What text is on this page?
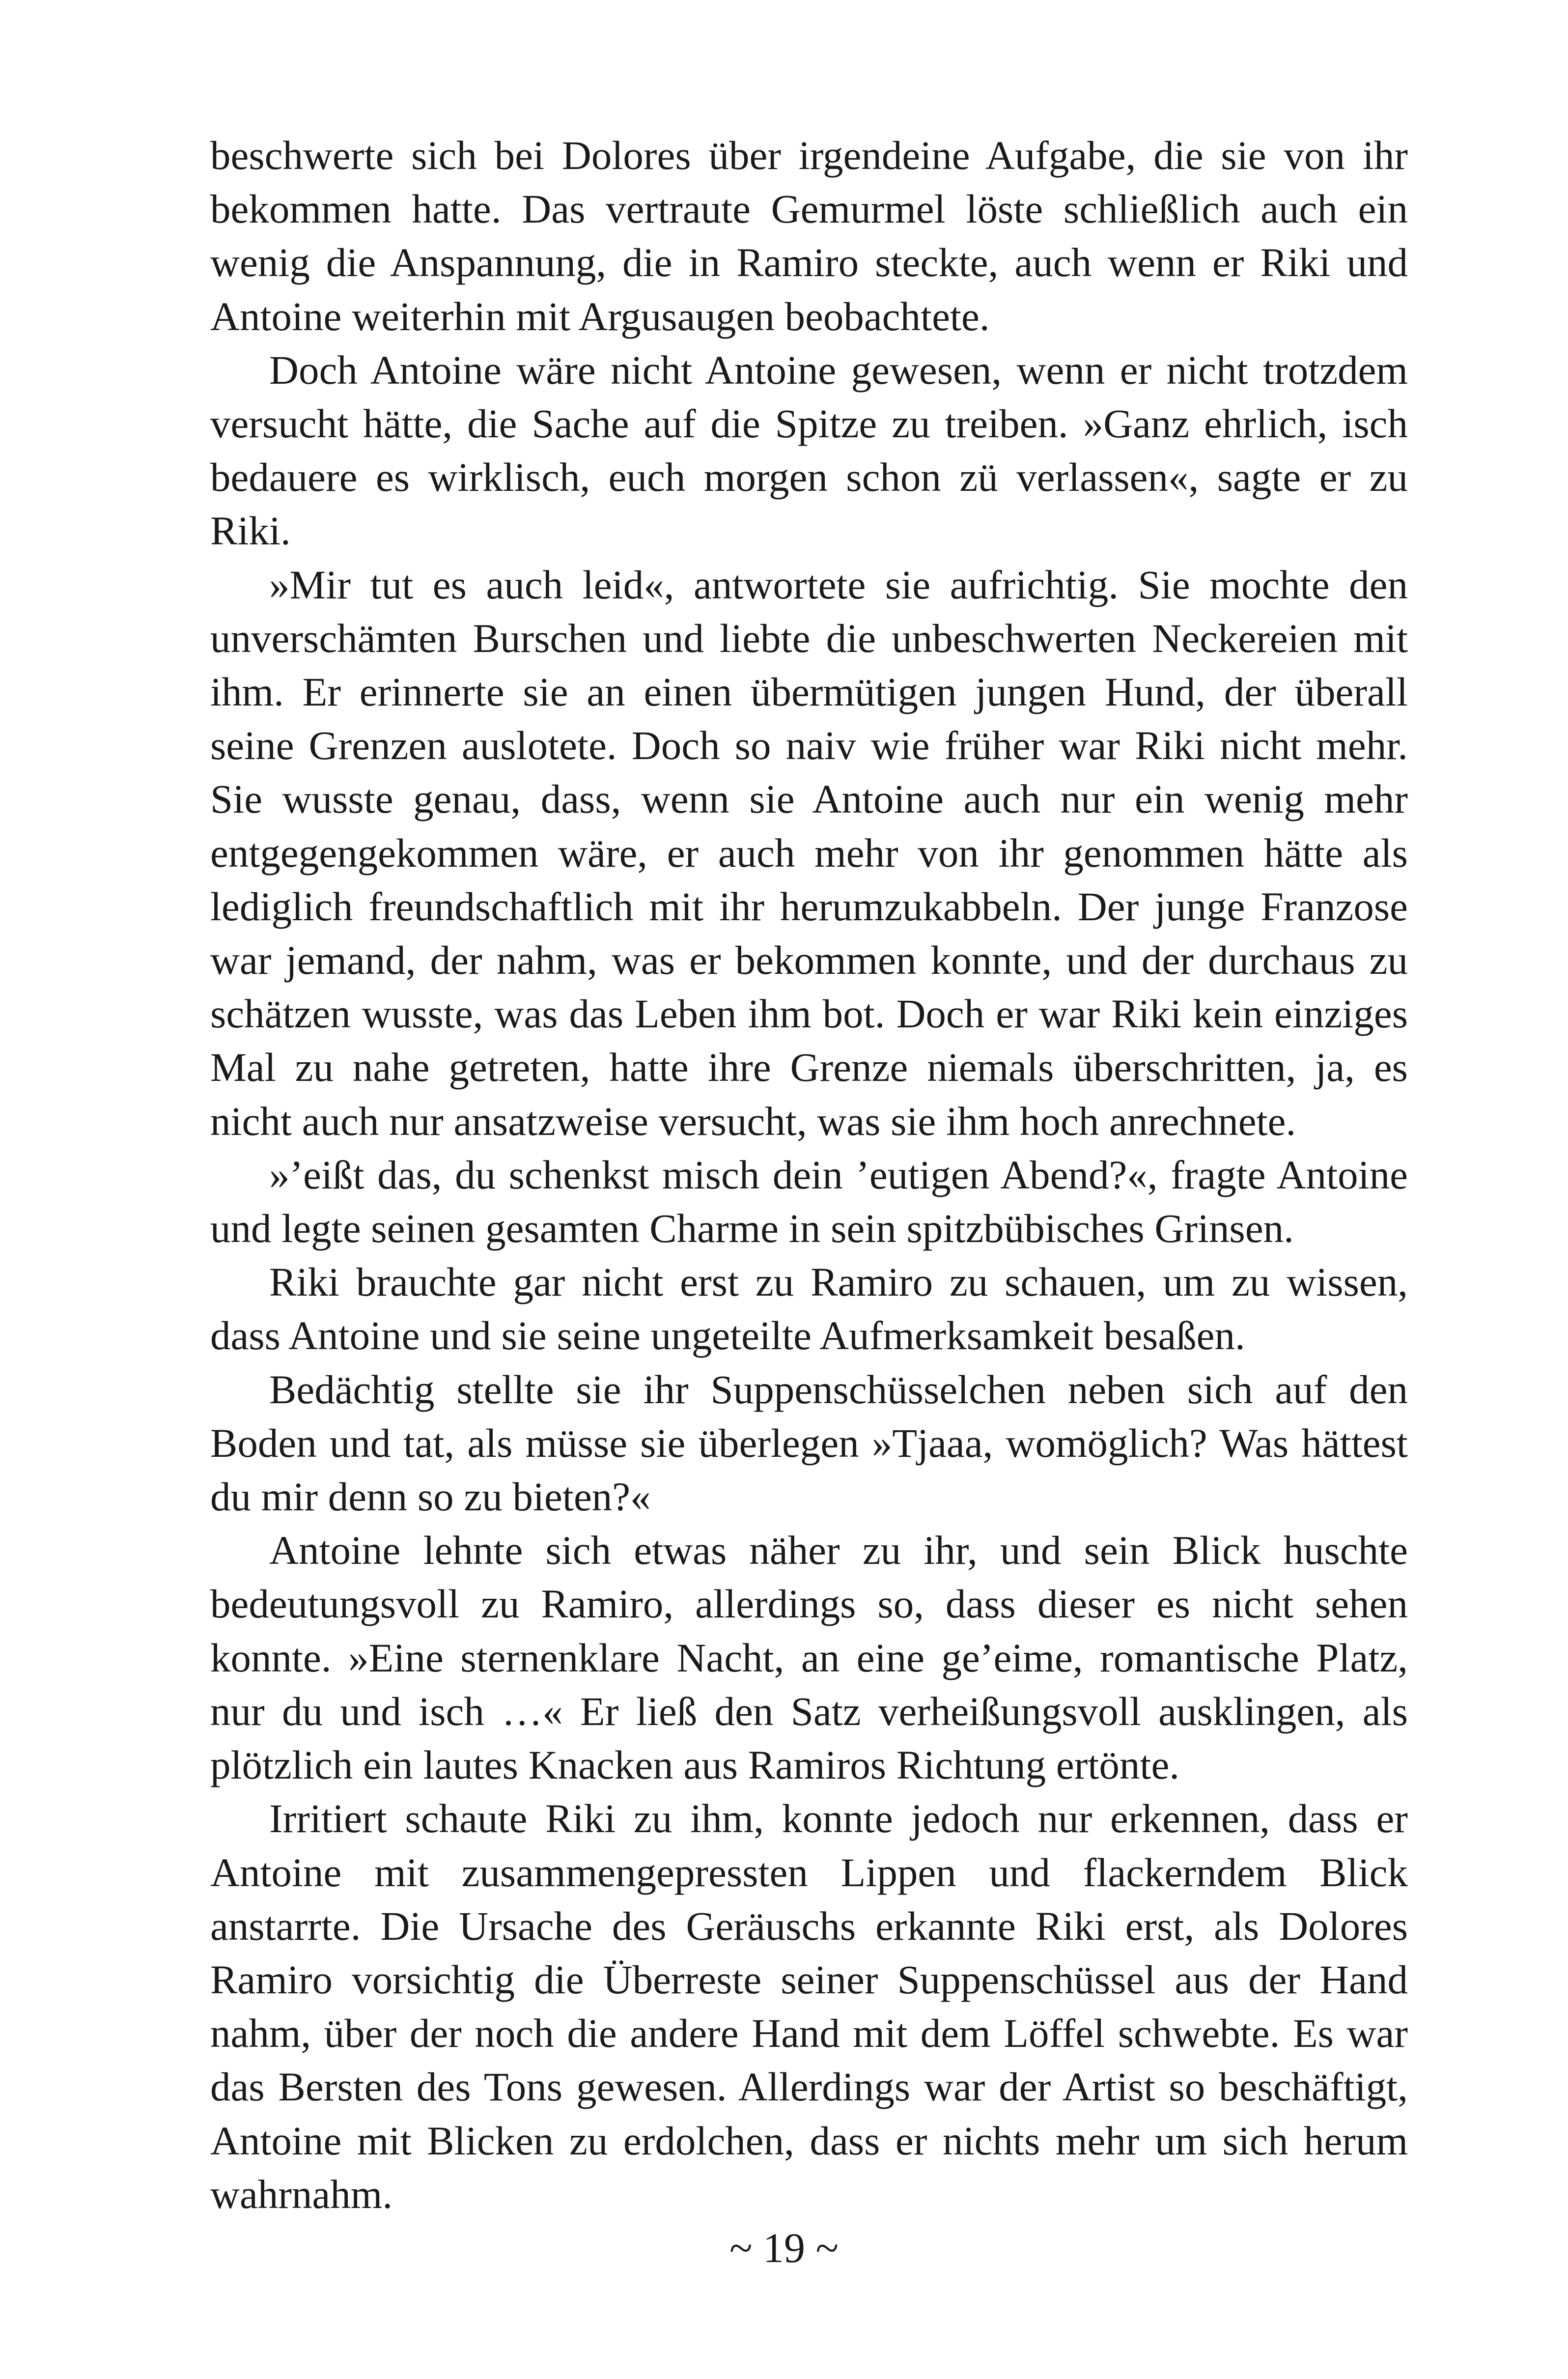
beschwerte sich bei Dolores über irgendeine Aufgabe, die sie von ihr bekommen hatte. Das vertraute Gemurmel löste schließlich auch ein wenig die Anspannung, die in Ramiro steckte, auch wenn er Riki und Antoine weiterhin mit Argusaugen beobachtete.

Doch Antoine wäre nicht Antoine gewesen, wenn er nicht trotzdem versucht hätte, die Sache auf die Spitze zu treiben. »Ganz ehrlich, isch bedauere es wirklisch, euch morgen schon zü verlassen«, sagte er zu Riki.

»Mir tut es auch leid«, antwortete sie aufrichtig. Sie mochte den unverschämten Burschen und liebte die unbeschwerten Neckereien mit ihm. Er erinnerte sie an einen übermütigen jungen Hund, der überall seine Grenzen auslotete. Doch so naiv wie früher war Riki nicht mehr. Sie wusste genau, dass, wenn sie Antoine auch nur ein wenig mehr entgegengekommen wäre, er auch mehr von ihr genommen hätte als lediglich freundschaftlich mit ihr herumzukabbeln. Der junge Franzose war jemand, der nahm, was er bekommen konnte, und der durchaus zu schätzen wusste, was das Leben ihm bot. Doch er war Riki kein einziges Mal zu nahe getreten, hatte ihre Grenze niemals überschritten, ja, es nicht auch nur ansatzweise versucht, was sie ihm hoch anrechnete.

»’eißt das, du schenkst misch dein ’eutigen Abend?«, fragte Antoine und legte seinen gesamten Charme in sein spitzbübisches Grinsen.

Riki brauchte gar nicht erst zu Ramiro zu schauen, um zu wissen, dass Antoine und sie seine ungeteilte Aufmerksamkeit besaßen.

Bedächtig stellte sie ihr Suppenschüsselchen neben sich auf den Boden und tat, als müsse sie überlegen »Tjaaa, womöglich? Was hättest du mir denn so zu bieten?«

Antoine lehnte sich etwas näher zu ihr, und sein Blick huschte bedeutungsvoll zu Ramiro, allerdings so, dass dieser es nicht sehen konnte. »Eine sternenklare Nacht, an eine ge’eime, romantische Platz, nur du und isch …« Er ließ den Satz verheißungsvoll ausklingen, als plötzlich ein lautes Knacken aus Ramiros Richtung ertönte.

Irritiert schaute Riki zu ihm, konnte jedoch nur erkennen, dass er Antoine mit zusammengepressten Lippen und flackerndem Blick anstarrte. Die Ursache des Geräuschs erkannte Riki erst, als Dolores Ramiro vorsichtig die Überreste seiner Suppenschüssel aus der Hand nahm, über der noch die andere Hand mit dem Löffel schwebte. Es war das Bersten des Tons gewesen. Allerdings war der Artist so beschäftigt, Antoine mit Blicken zu erdolchen, dass er nichts mehr um sich herum wahrnahm.

~ 19 ~
